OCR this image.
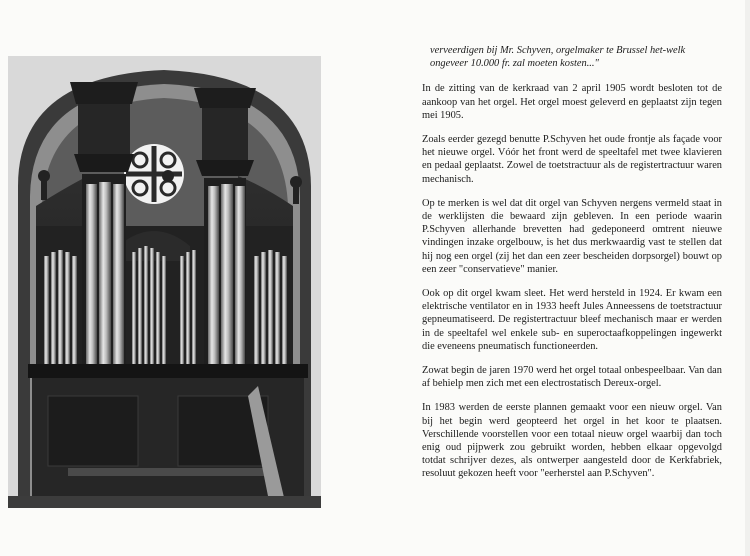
verveerdigen bij Mr. Schyven, orgelmaker te Brussel het-welk ongeveer 10.000 fr. zal moeten kosten..."

In de zitting van de kerkraad van 2 april 1905 wordt besloten tot de aankoop van het orgel. Het orgel moest geleverd en geplaatst zijn tegen mei 1905.

Zoals eerder gezegd benutte P.Schyven het oude frontje als façade voor het nieuwe orgel. Vóór het front werd de speeltafel met twee klavieren en pedaal geplaatst. Zowel de toetstractuur als de registertractuur waren mechanisch.

Op te merken is wel dat dit orgel van Schyven nergens vermeld staat in de werklijsten die bewaard zijn gebleven. In een periode waarin P.Schyven allerhande brevetten had gedeponeerd omtrent nieuwe vindingen inzake orgelbouw, is het dus merkwaardig vast te stellen dat hij nog een orgel (zij het dan een zeer bescheiden dorpsorgel) bouwt op een zeer "conservatieve" manier.

Ook op dit orgel kwam sleet. Het werd hersteld in 1924. Er kwam een elektrische ventilator en in 1933 heeft Jules Anneessens de toetstractuur gepneumatiseerd. De registertractuur bleef mechanisch maar er werden in de speeltafel wel enkele sub- en superoctaafkoppelingen ingewerkt die eveneens pneumatisch functioneerden.

Zowat begin de jaren 1970 werd het orgel totaal onbespeelbaar. Van dan af behielp men zich met een electrostatisch Dereux-orgel.

In 1983 werden de eerste plannen gemaakt voor een nieuw orgel. Van bij het begin werd geopteerd het orgel in het koor te plaatsen. Verschillende voorstellen voor een totaal nieuw orgel waarbij dan toch enig oud pijpwerk zou gebruikt worden, hebben elkaar opgevolgd totdat schrijver dezes, als ontwerper aangesteld door de Kerkfabriek, resoluut gekozen heeft voor "eerherstel aan P.Schyven".
